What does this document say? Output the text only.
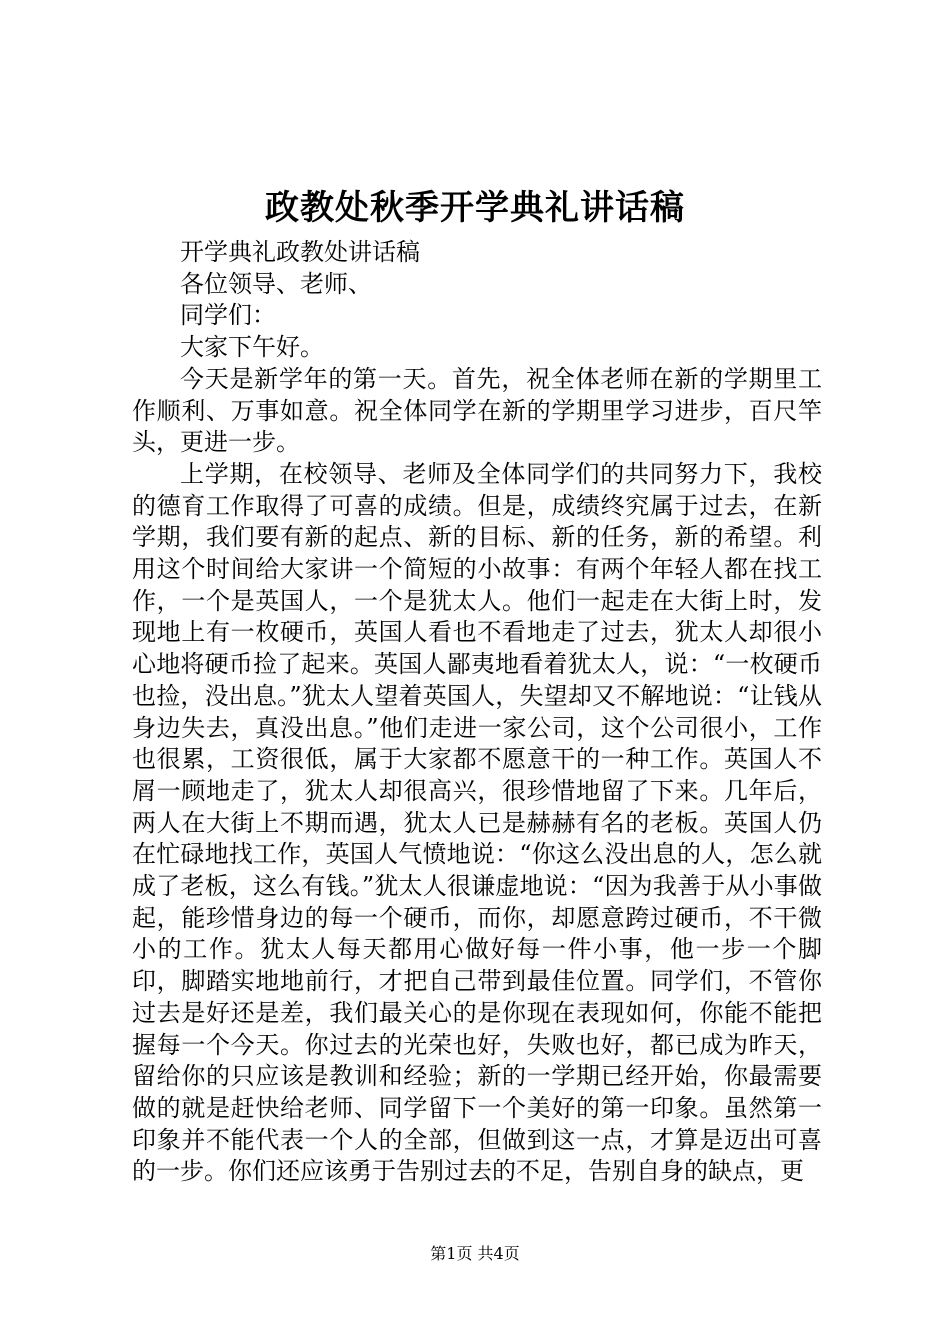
政教处秋季开学典礼讲话稿

开学典礼政教处讲话稿

各位领导、老师、

同学们：

大家下午好。

今天是新学年的第一天。首先，祝全体老师在新的学期里工作顺利、万事如意。祝全体同学在新的学期里学习进步，百尺竿头，更进一步。

上学期，在校领导、老师及全体同学们的共同努力下，我校的德育工作取得了可喜的成绩。但是，成绩终究属于过去，在新学期，我们要有新的起点、新的目标、新的任务，新的希望。利用这个时间给大家讲一个简短的小故事：有两个年轻人都在找工作，一个是英国人，一个是犹太人。他们一起走在大街上时，发现地上有一枚硬币，英国人看也不看地走了过去，犹太人却很小心地将硬币捡了起来。英国人鄙夷地看着犹太人，说：“一枚硬币也捡，没出息。”犹太人望着英国人，失望却又不解地说：“让钱从身边失去，真没出息。”他们走进一家公司，这个公司很小，工作也很累，工资很低，属于大家都不愿意干的一种工作。英国人不屑一顾地走了，犹太人却很高兴，很珍惜地留了下来。几年后，两人在大街上不期而遇，犹太人已是赫赫有名的老板。英国人仍在忙碌地找工作，英国人气愤地说：“你这么没出息的人，怎么就成了老板，这么有钱。”犹太人很谦虚地说：“因为我善于从小事做起，能珍惜身边的每一个硬币，而你，却愿意跨过硬币，不干微小的工作。犹太人每天都用心做好每一件小事，他一步一个脚印，脚踏实地地前行，才把自己带到最佳位置。同学们，不管你过去是好还是差，我们最关心的是你现在表现如何，你能不能把握每一个今天。你过去的光荣也好，失败也好，都已成为昨天，留给你的只应该是教训和经验；新的一学期已经开始，你最需要做的就是赶快给老师、同学留下一个美好的第一印象。虽然第一印象并不能代表一个人的全部，但做到这一点，才算是迈出可喜的一步。你们还应该勇于告别过去的不足，告别自身的缺点，更

第1页 共4页
